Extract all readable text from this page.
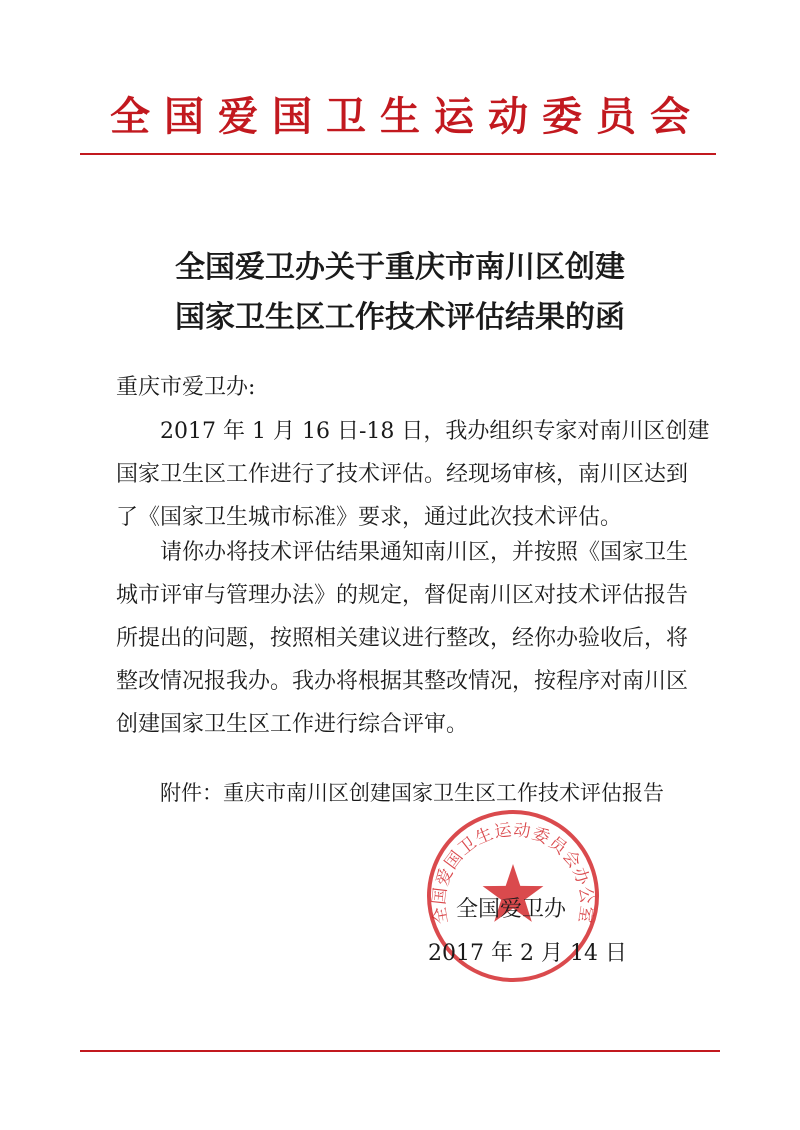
全国爱国卫生运动委员会
全国爱卫办关于重庆市南川区创建
国家卫生区工作技术评估结果的函
重庆市爱卫办:
2017 年 1 月 16 日-18 日，我办组织专家对南川区创建
国家卫生区工作进行了技术评估。经现场审核，南川区达到
了《国家卫生城市标准》要求，通过此次技术评估。
请你办将技术评估结果通知南川区，并按照《国家卫生
城市评审与管理办法》的规定，督促南川区对技术评估报告
所提出的问题，按照相关建议进行整改，经你办验收后，将
整改情况报我办。我办将根据其整改情况，按程序对南川区
创建国家卫生区工作进行综合评审。
附件：重庆市南川区创建国家卫生区工作技术评估报告
全国爱国卫生运动委员会办公室
全国爱卫办
2017 年 2 月 14 日
